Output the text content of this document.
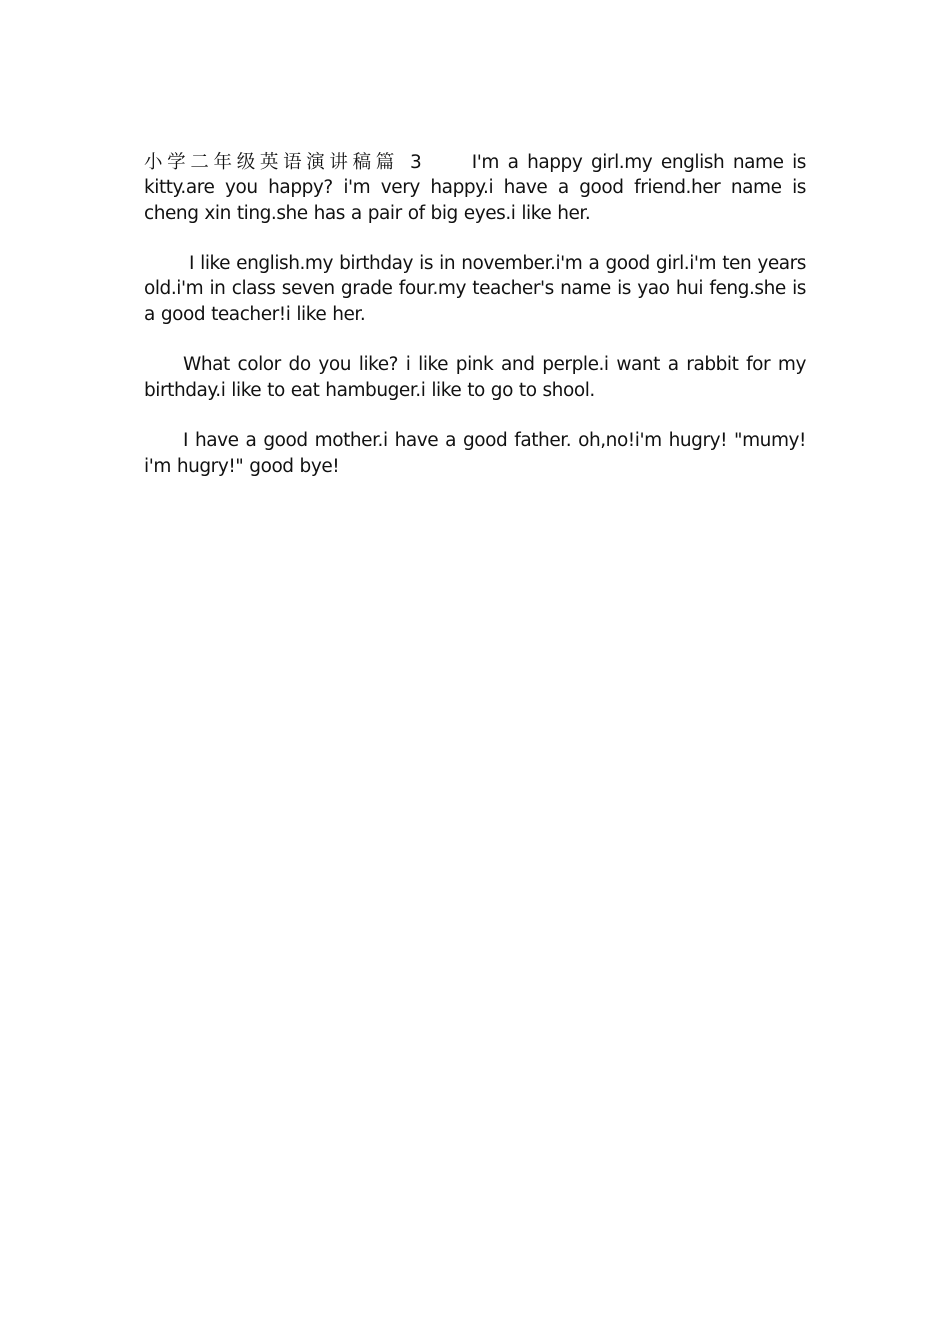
小学二年级英语演讲稿篇 3	I'm a happy girl.my english name is kitty.are you happy? i'm very happy.i have a good friend.her name is cheng xin ting.she has a pair of big eyes.i like her.

I like english.my birthday is in november.i'm a good girl.i'm ten years old.i'm in class seven grade four.my teacher's name is yao hui feng.she is a good teacher!i like her.

What color do you like? i like pink and perple.i want a rabbit for my birthday.i like to eat hambuger.i like to go to shool.

I have a good mother.i have a good father. oh,no!i'm hugry! "mumy! i'm hugry!" good bye!
